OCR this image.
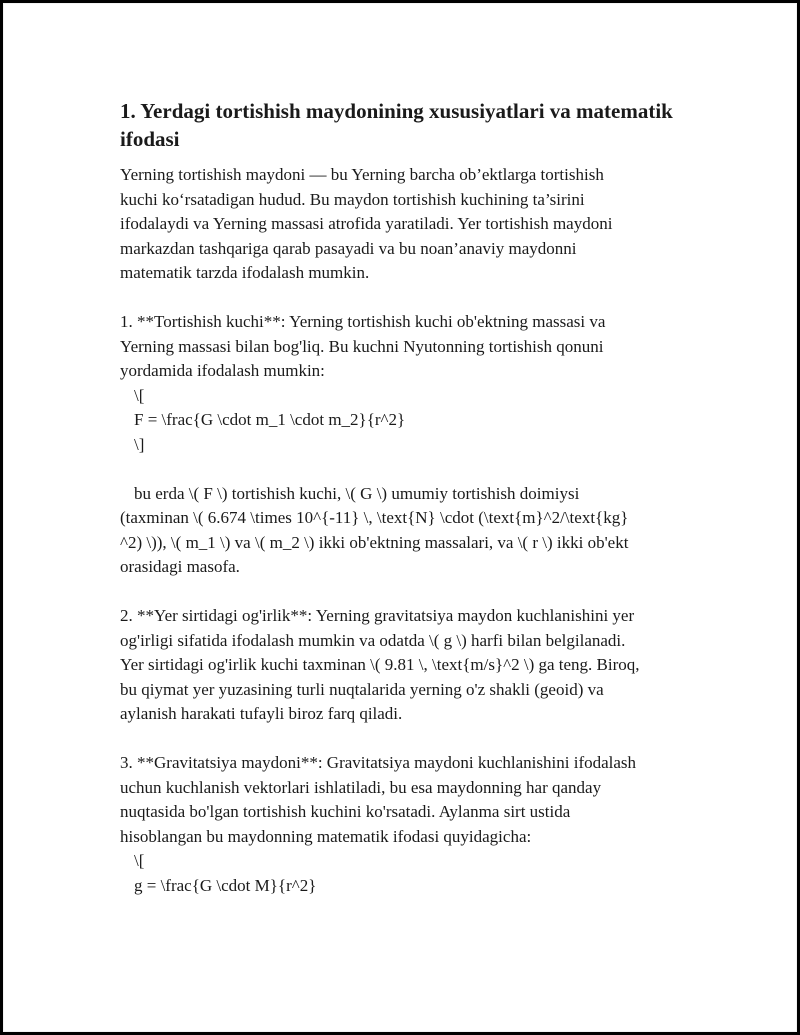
1. Yerdagi tortishish maydonining xususiyatlari va matematik ifodasi

Yerning tortishish maydoni — bu Yerning barcha ob’ektlarga tortishish
kuchi ko‘rsatadigan hudud. Bu maydon tortishish kuchining ta’sirini
ifodalaydi va Yerning massasi atrofida yaratiladi. Yer tortishish maydoni
markazdan tashqariga qarab pasayadi va bu noan’anaviy maydonni
matematik tarzda ifodalash mumkin.

1. **Tortishish kuchi**: Yerning tortishish kuchi ob'ektning massasi va
Yerning massasi bilan bog'liq. Bu kuchni Nyutonning tortishish qonuni
yordamida ifodalash mumkin:

\[
F = \frac{G \cdot m_1 \cdot m_2}{r^2}
\]

bu erda \( F \) tortishish kuchi, \( G \) umumiy tortishish doimiysi
(taxminan \( 6.674 \times 10^{-11} \, \text{N} \cdot (\text{m}^2/\text{kg}
^2) \)), \( m_1 \) va \( m_2 \) ikki ob'ektning massalari, va \( r \) ikki ob'ekt
orasidagi masofa.

2. **Yer sirtidagi og'irlik**: Yerning gravitatsiya maydon kuchlanishini yer
og'irligi sifatida ifodalash mumkin va odatda \( g \) harfi bilan belgilanadi.
Yer sirtidagi og'irlik kuchi taxminan \( 9.81 \, \text{m/s}^2 \) ga teng. Biroq,
bu qiymat yer yuzasining turli nuqtalarida yerning o'z shakli (geoid) va
aylanish harakati tufayli biroz farq qiladi.

3. **Gravitatsiya maydoni**: Gravitatsiya maydoni kuchlanishini ifodalash
uchun kuchlanish vektorlari ishlatiladi, bu esa maydonning har qanday
nuqtasida bo'lgan tortishish kuchini ko'rsatadi. Aylanma sirt ustida
hisoblangan bu maydonning matematik ifodasi quyidagicha:

\[
g = \frac{G \cdot M}{r^2}
